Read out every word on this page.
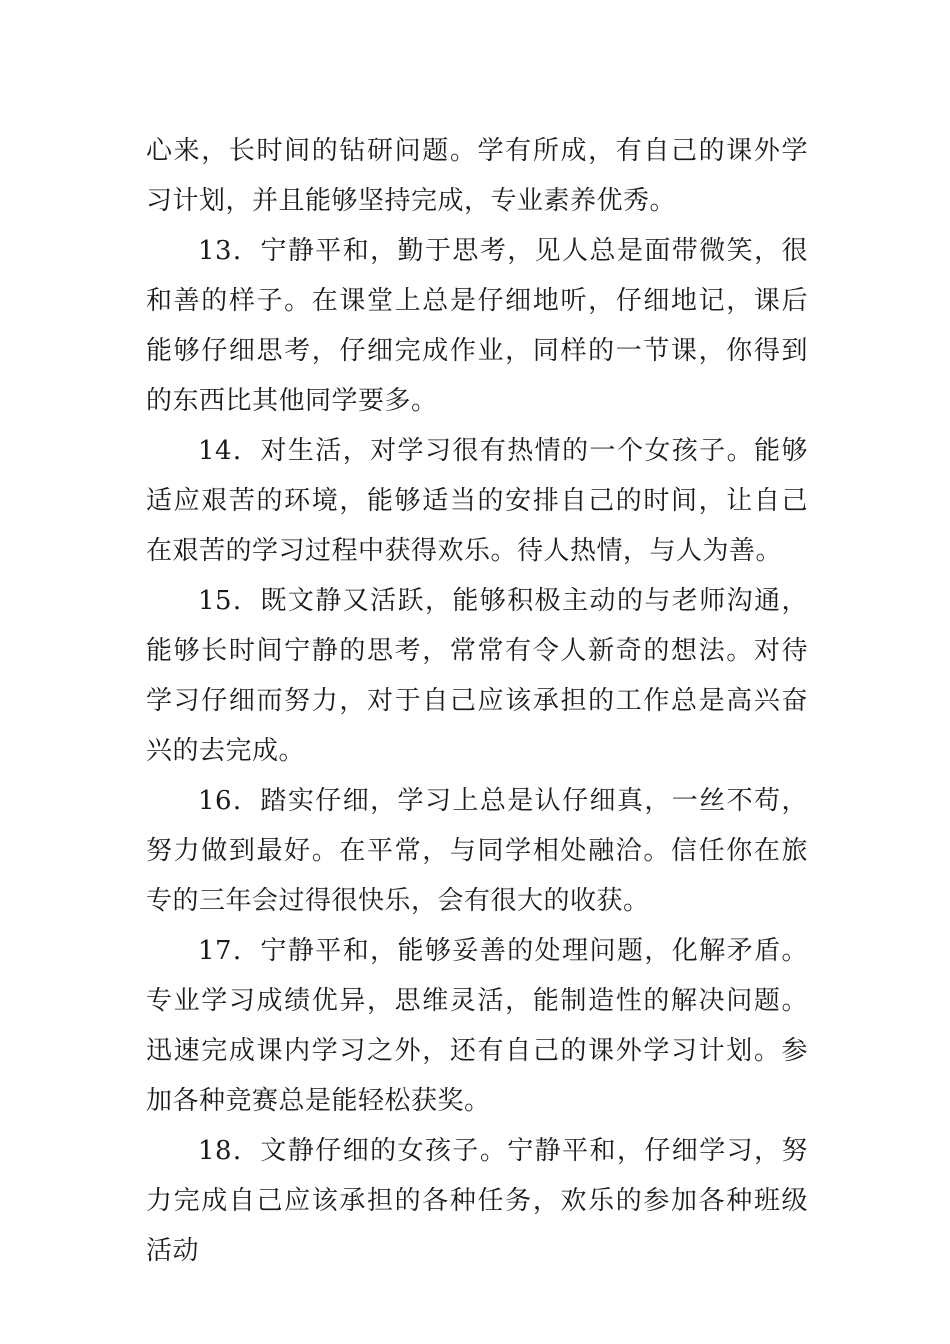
心来，长时间的钻研问题。学有所成，有自己的课外学习计划，并且能够坚持完成，专业素养优秀。

13．宁静平和，勤于思考，见人总是面带微笑，很和善的样子。在课堂上总是仔细地听，仔细地记，课后能够仔细思考，仔细完成作业，同样的一节课，你得到的东西比其他同学要多。

14．对生活，对学习很有热情的一个女孩子。能够适应艰苦的环境，能够适当的安排自己的时间，让自己在艰苦的学习过程中获得欢乐。待人热情，与人为善。

15．既文静又活跃，能够积极主动的与老师沟通，能够长时间宁静的思考，常常有令人新奇的想法。对待学习仔细而努力，对于自己应该承担的工作总是高兴奋兴的去完成。

16．踏实仔细，学习上总是认仔细真，一丝不苟，努力做到最好。在平常，与同学相处融洽。信任你在旅专的三年会过得很快乐，会有很大的收获。

17．宁静平和，能够妥善的处理问题，化解矛盾。专业学习成绩优异，思维灵活，能制造性的解决问题。迅速完成课内学习之外，还有自己的课外学习计划。参加各种竞赛总是能轻松获奖。

18．文静仔细的女孩子。宁静平和，仔细学习，努力完成自己应该承担的各种任务，欢乐的参加各种班级活动
